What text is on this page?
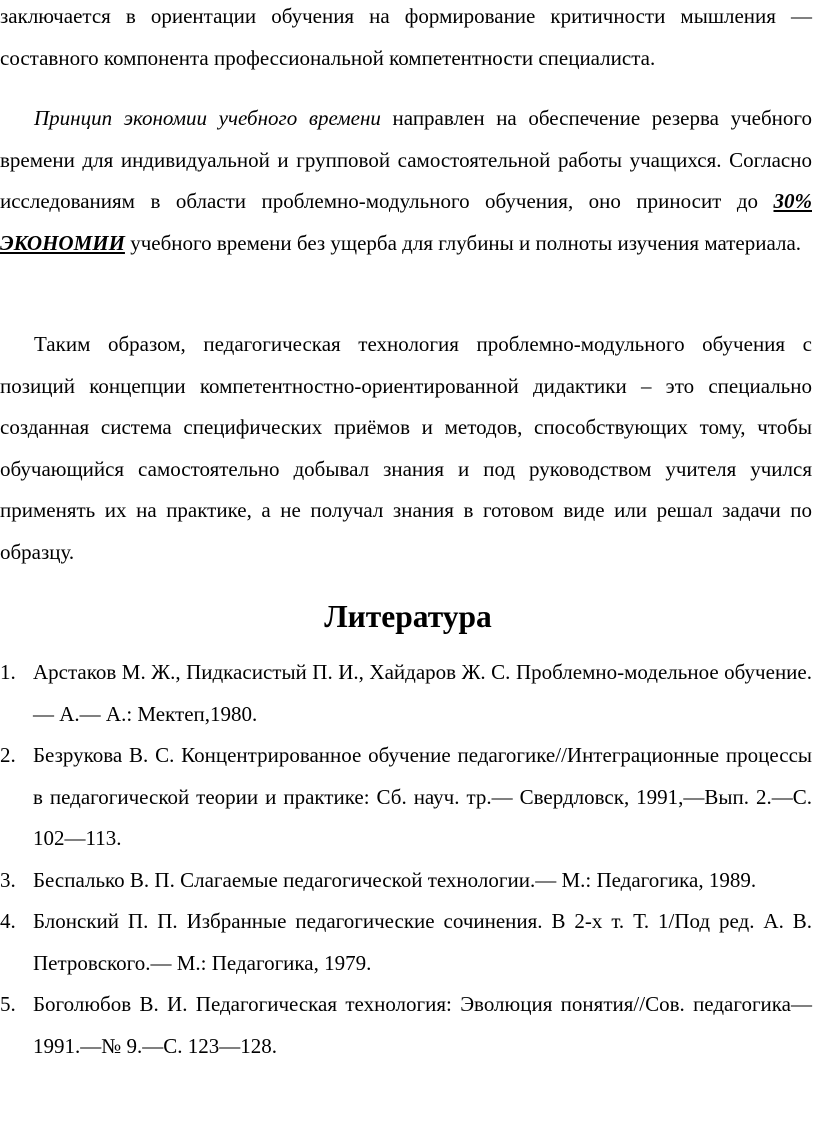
заключается в ориентации обучения на формирование критичности мышления — составного компонента профессиональной компетентности специалиста.

Принцип экономии учебного времени направлен на обеспечение резерва учебного времени для индивидуальной и групповой самостоятельной работы учащихся. Согласно исследованиям в области проблемно-модульного обучения, оно приносит до 30% ЭКОНОМИИ учебного времени без ущерба для глубины и полноты изучения материала.

Таким образом, педагогическая технология проблемно-модульного обучения с позиций концепции компетентностно-ориентированной дидактики – это специально созданная система специфических приёмов и методов, способствующих тому, чтобы обучающийся самостоятельно добывал знания и под руководством учителя учился применять их на практике, а не получал знания в готовом виде или решал задачи по образцу.

Литература
1. Арстаков М. Ж., Пидкасистый П. И., Хайдаров Ж. С. Проблемно-модельное обучение.— А.— А.: Мектеп,1980.
2. Безрукова В. С. Концентрированное обучение педагогике//Интеграционные процессы в педагогической теории и практике: Сб. науч. тр.— Свердловск, 1991,—Вып. 2.—С. 102—113.
3. Беспалько В. П. Слагаемые педагогической технологии.— М.: Педагогика, 1989.
4. Блонский П. П. Избранные педагогические сочинения. В 2-х т. Т. 1/Под ред. А. В. Петровского.— М.: Педагогика, 1979.
5. Боголюбов В. И. Педагогическая технология: Эволюция понятия//Сов. педагогика—1991.—№ 9.—С. 123—128.
